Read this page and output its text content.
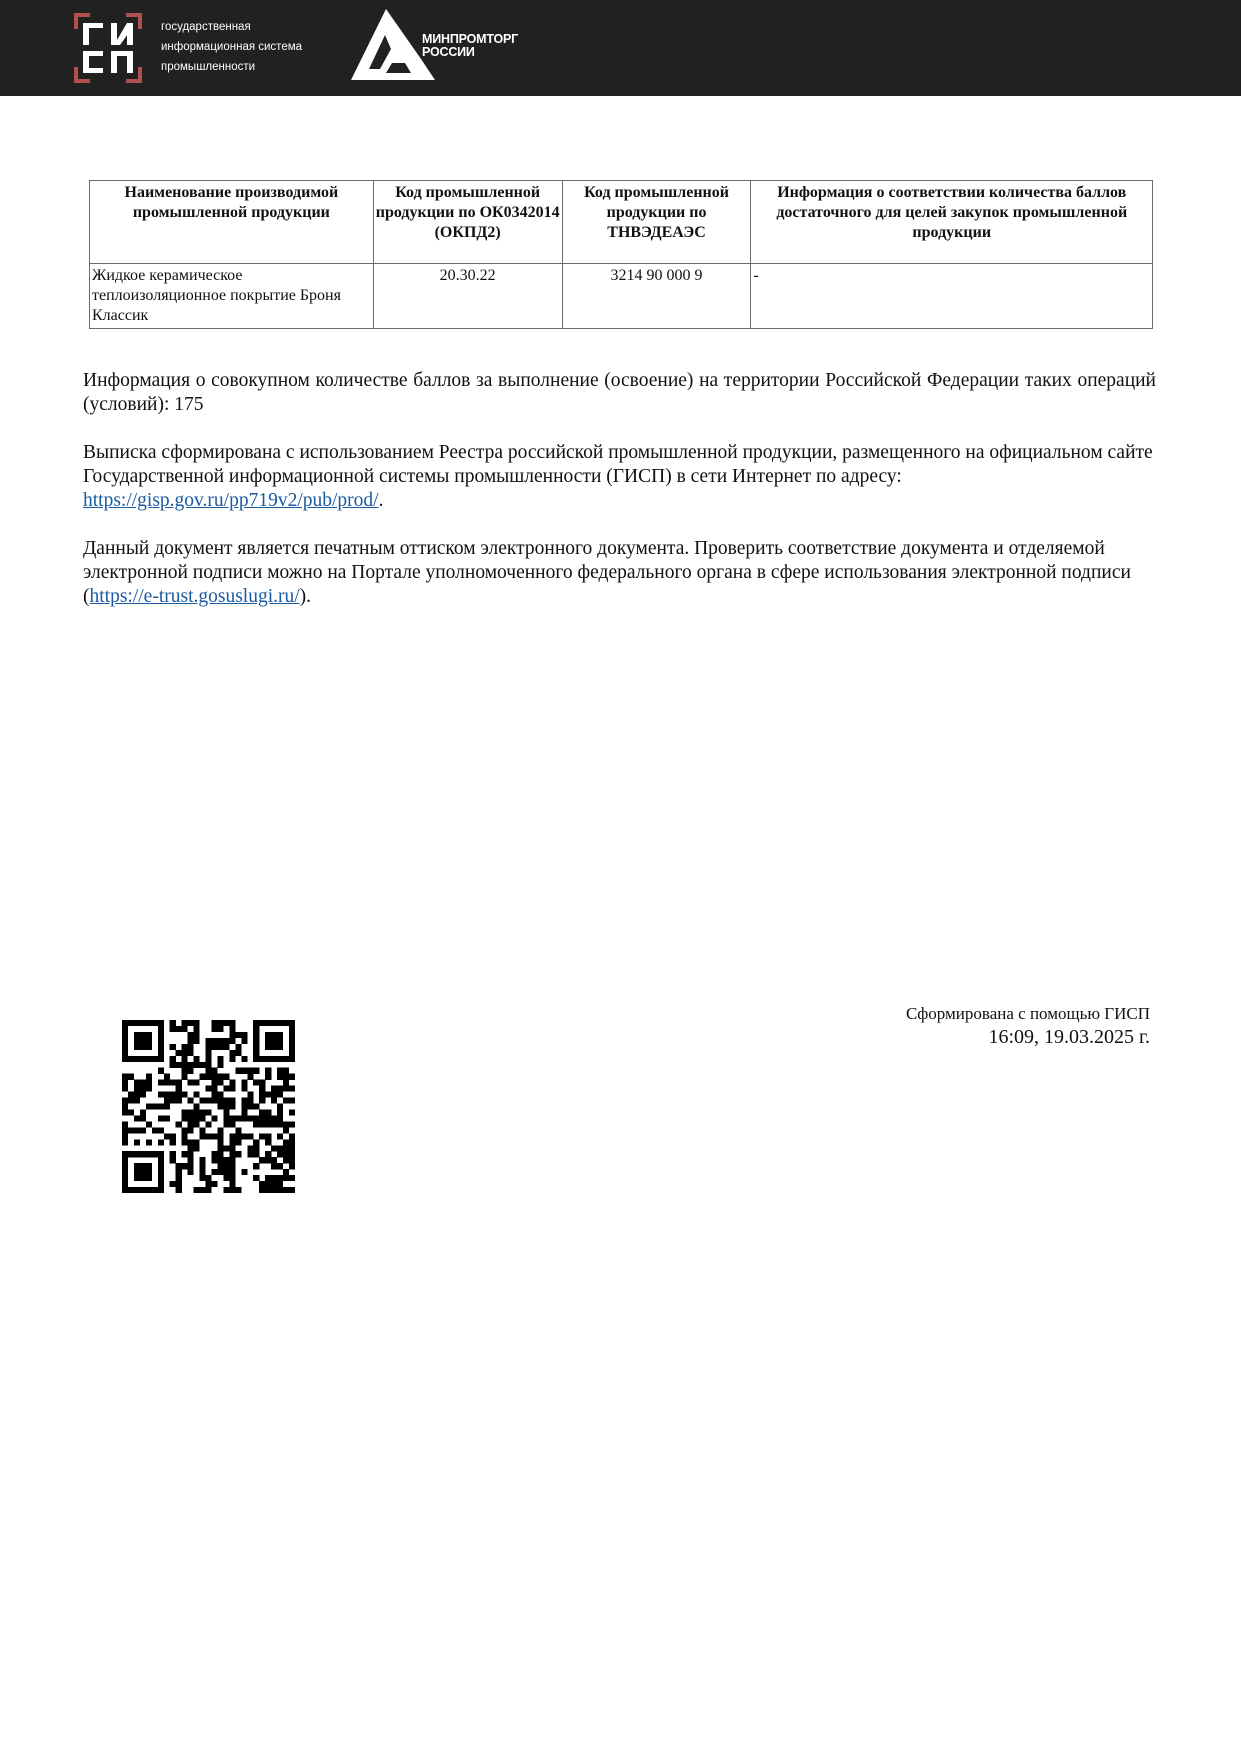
государственная
информационная система
промышленности
МИНПРОМТОРГ
РОССИИ
Наименование производимой промышленной продукции	Код промышленной продукции по ОК0342014 (ОКПД2)	Код промышленной продукции по ТНВЭДЕАЭС	Информация о соответствии количества баллов достаточного для целей закупок промышленной продукции
Жидкое керамическое теплоизоляционное покрытие Броня Классик	20.30.22	3214 90 000 9	-
Информация о совокупном количестве баллов за выполнение (освоение) на территории Российской Федерации таких операций (условий): 175
Выписка сформирована с использованием Реестра российской промышленной продукции, размещенного на официальном сайте Государственной информационной системы промышленности (ГИСП) в сети Интернет по адресу: https://gisp.gov.ru/pp719v2/pub/prod/.
Данный документ является печатным оттиском электронного документа. Проверить соответствие документа и отделяемой электронной подписи можно на Портале уполномоченного федерального органа в сфере использования электронной подписи (https://e-trust.gosuslugi.ru/).
Сформирована с помощью ГИСП
16:09, 19.03.2025 г.
